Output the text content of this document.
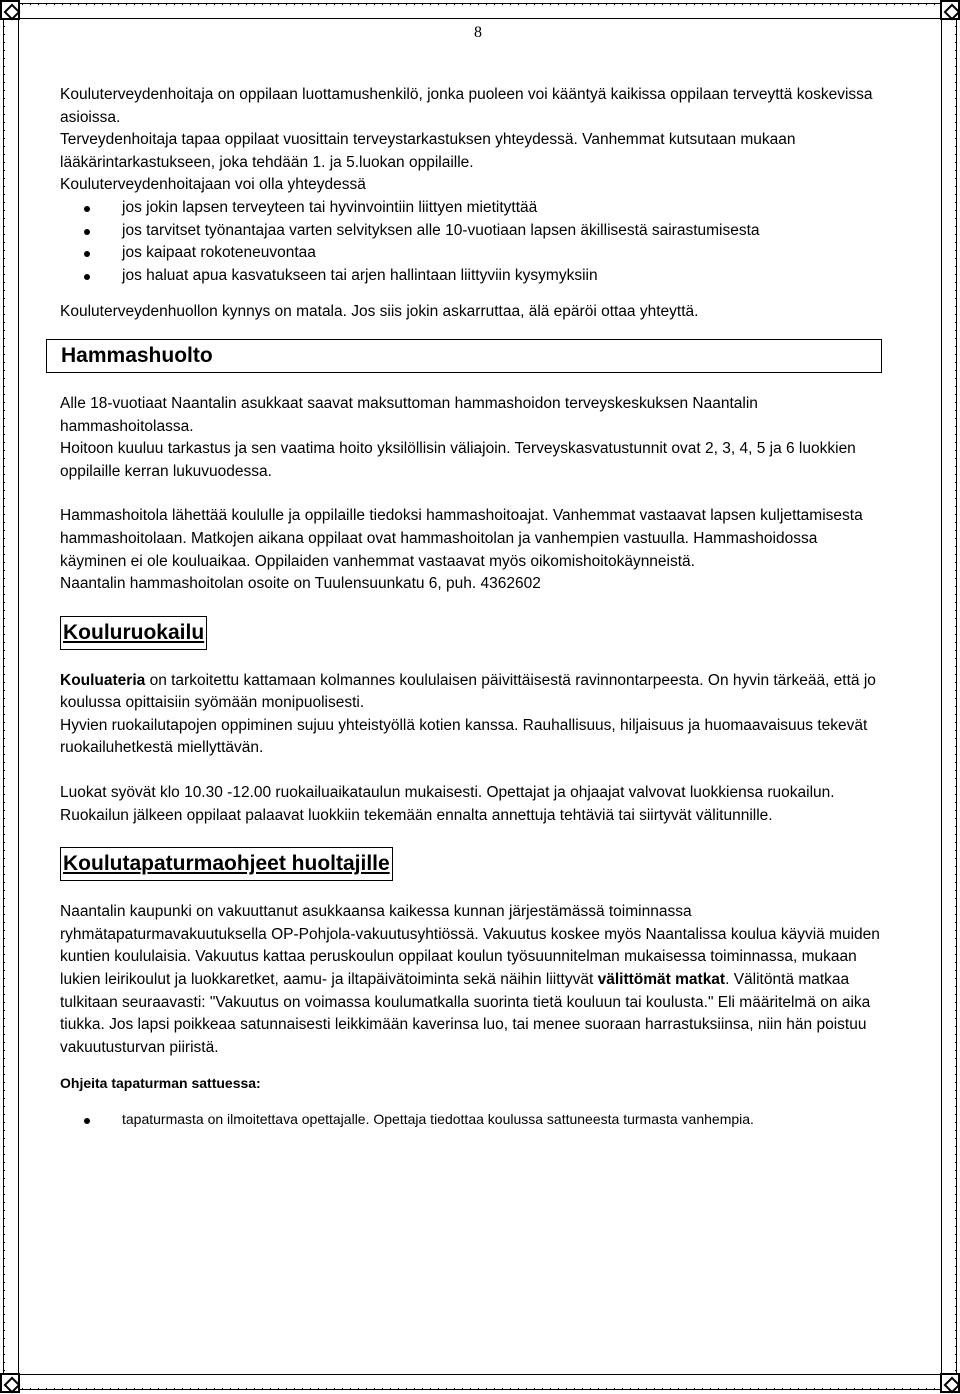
8

Kouluterveydenhoitaja on oppilaan luottamushenkilö, jonka puoleen voi kääntyä kaikissa oppilaan terveyttä koskevissa asioissa.

Terveydenhoitaja tapaa oppilaat vuosittain terveystarkastuksen yhteydessä. Vanhemmat kutsutaan mukaan lääkärintarkastukseen, joka tehdään 1. ja 5.luokan oppilaille.

Kouluterveydenhoitajaan voi olla yhteydessä

jos jokin lapsen terveyteen tai hyvinvointiin liittyen mietityttää
jos tarvitset työnantajaa varten selvityksen alle 10-vuotiaan lapsen äkillisestä sairastumisesta
jos kaipaat rokoteneuvontaa
jos haluat apua kasvatukseen tai arjen hallintaan liittyviin kysymyksiin

Kouluterveydenhuollon kynnys on matala. Jos siis jokin askarruttaa, älä epäröi ottaa yhteyttä.

Hammashuolto

Alle 18-vuotiaat Naantalin asukkaat saavat maksuttoman hammashoidon terveyskeskuksen Naantalin hammashoitolassa.

Hoitoon kuuluu tarkastus ja sen vaatima hoito yksilöllisin väliajoin. Terveyskasvatustunnit ovat 2, 3, 4, 5 ja 6 luokkien oppilaille kerran lukuvuodessa.

Hammashoitola lähettää koululle ja oppilaille tiedoksi hammashoitoajat. Vanhemmat vastaavat lapsen kuljettamisesta hammashoitolaan. Matkojen aikana oppilaat ovat hammashoitolan ja vanhempien vastuulla. Hammashoidossa käyminen ei ole kouluaikaa. Oppilaiden vanhemmat vastaavat myös oikomishoitokäynneistä.

Naantalin hammashoitolan osoite on Tuulensuunkatu 6, puh. 4362602

Kouluruokailu

Kouluateria on tarkoitettu kattamaan kolmannes koululaisen päivittäisestä ravinnontarpeesta. On hyvin tärkeää, että jo koulussa opittaisiin syömään monipuolisesti.

Hyvien ruokailutapojen oppiminen sujuu yhteistyöllä kotien kanssa. Rauhallisuus, hiljaisuus ja huomaavaisuus tekevät ruokailuhetkestä miellyttävän.

Luokat syövät klo 10.30 -12.00 ruokailuaikataulun mukaisesti. Opettajat ja ohjaajat valvovat luokkiensa ruokailun. Ruokailun jälkeen oppilaat palaavat luokkiin tekemään ennalta annettuja tehtäviä tai siirtyvät välitunnille.

Koulutapaturmaohjeet huoltajille

Naantalin kaupunki on vakuuttanut asukkaansa kaikessa kunnan järjestämässä toiminnassa ryhmätapaturmavakuutuksella OP-Pohjola-vakuutusyhtiössä. Vakuutus koskee myös Naantalissa koulua käyviä muiden kuntien koululaisia. Vakuutus kattaa peruskoulun oppilaat koulun työsuunnitelman mukaisessa toiminnassa, mukaan lukien leirikoulut ja luokkaretket, aamu- ja iltapäivätoiminta sekä näihin liittyvät välittömät matkat. Välitöntä matkaa tulkitaan seuraavasti: "Vakuutus on voimassa koulumatkalla suorinta tietä kouluun tai koulusta." Eli määritelmä on aika tiukka. Jos lapsi poikkeaa satunnaisesti leikkimään kaverinsa luo, tai menee suoraan harrastuksiinsa, niin hän poistuu vakuutusturvan piiristä.

Ohjeita tapaturman sattuessa:

tapaturmasta on ilmoitettava opettajalle. Opettaja tiedottaa koulussa sattuneesta turmasta vanhempia.
